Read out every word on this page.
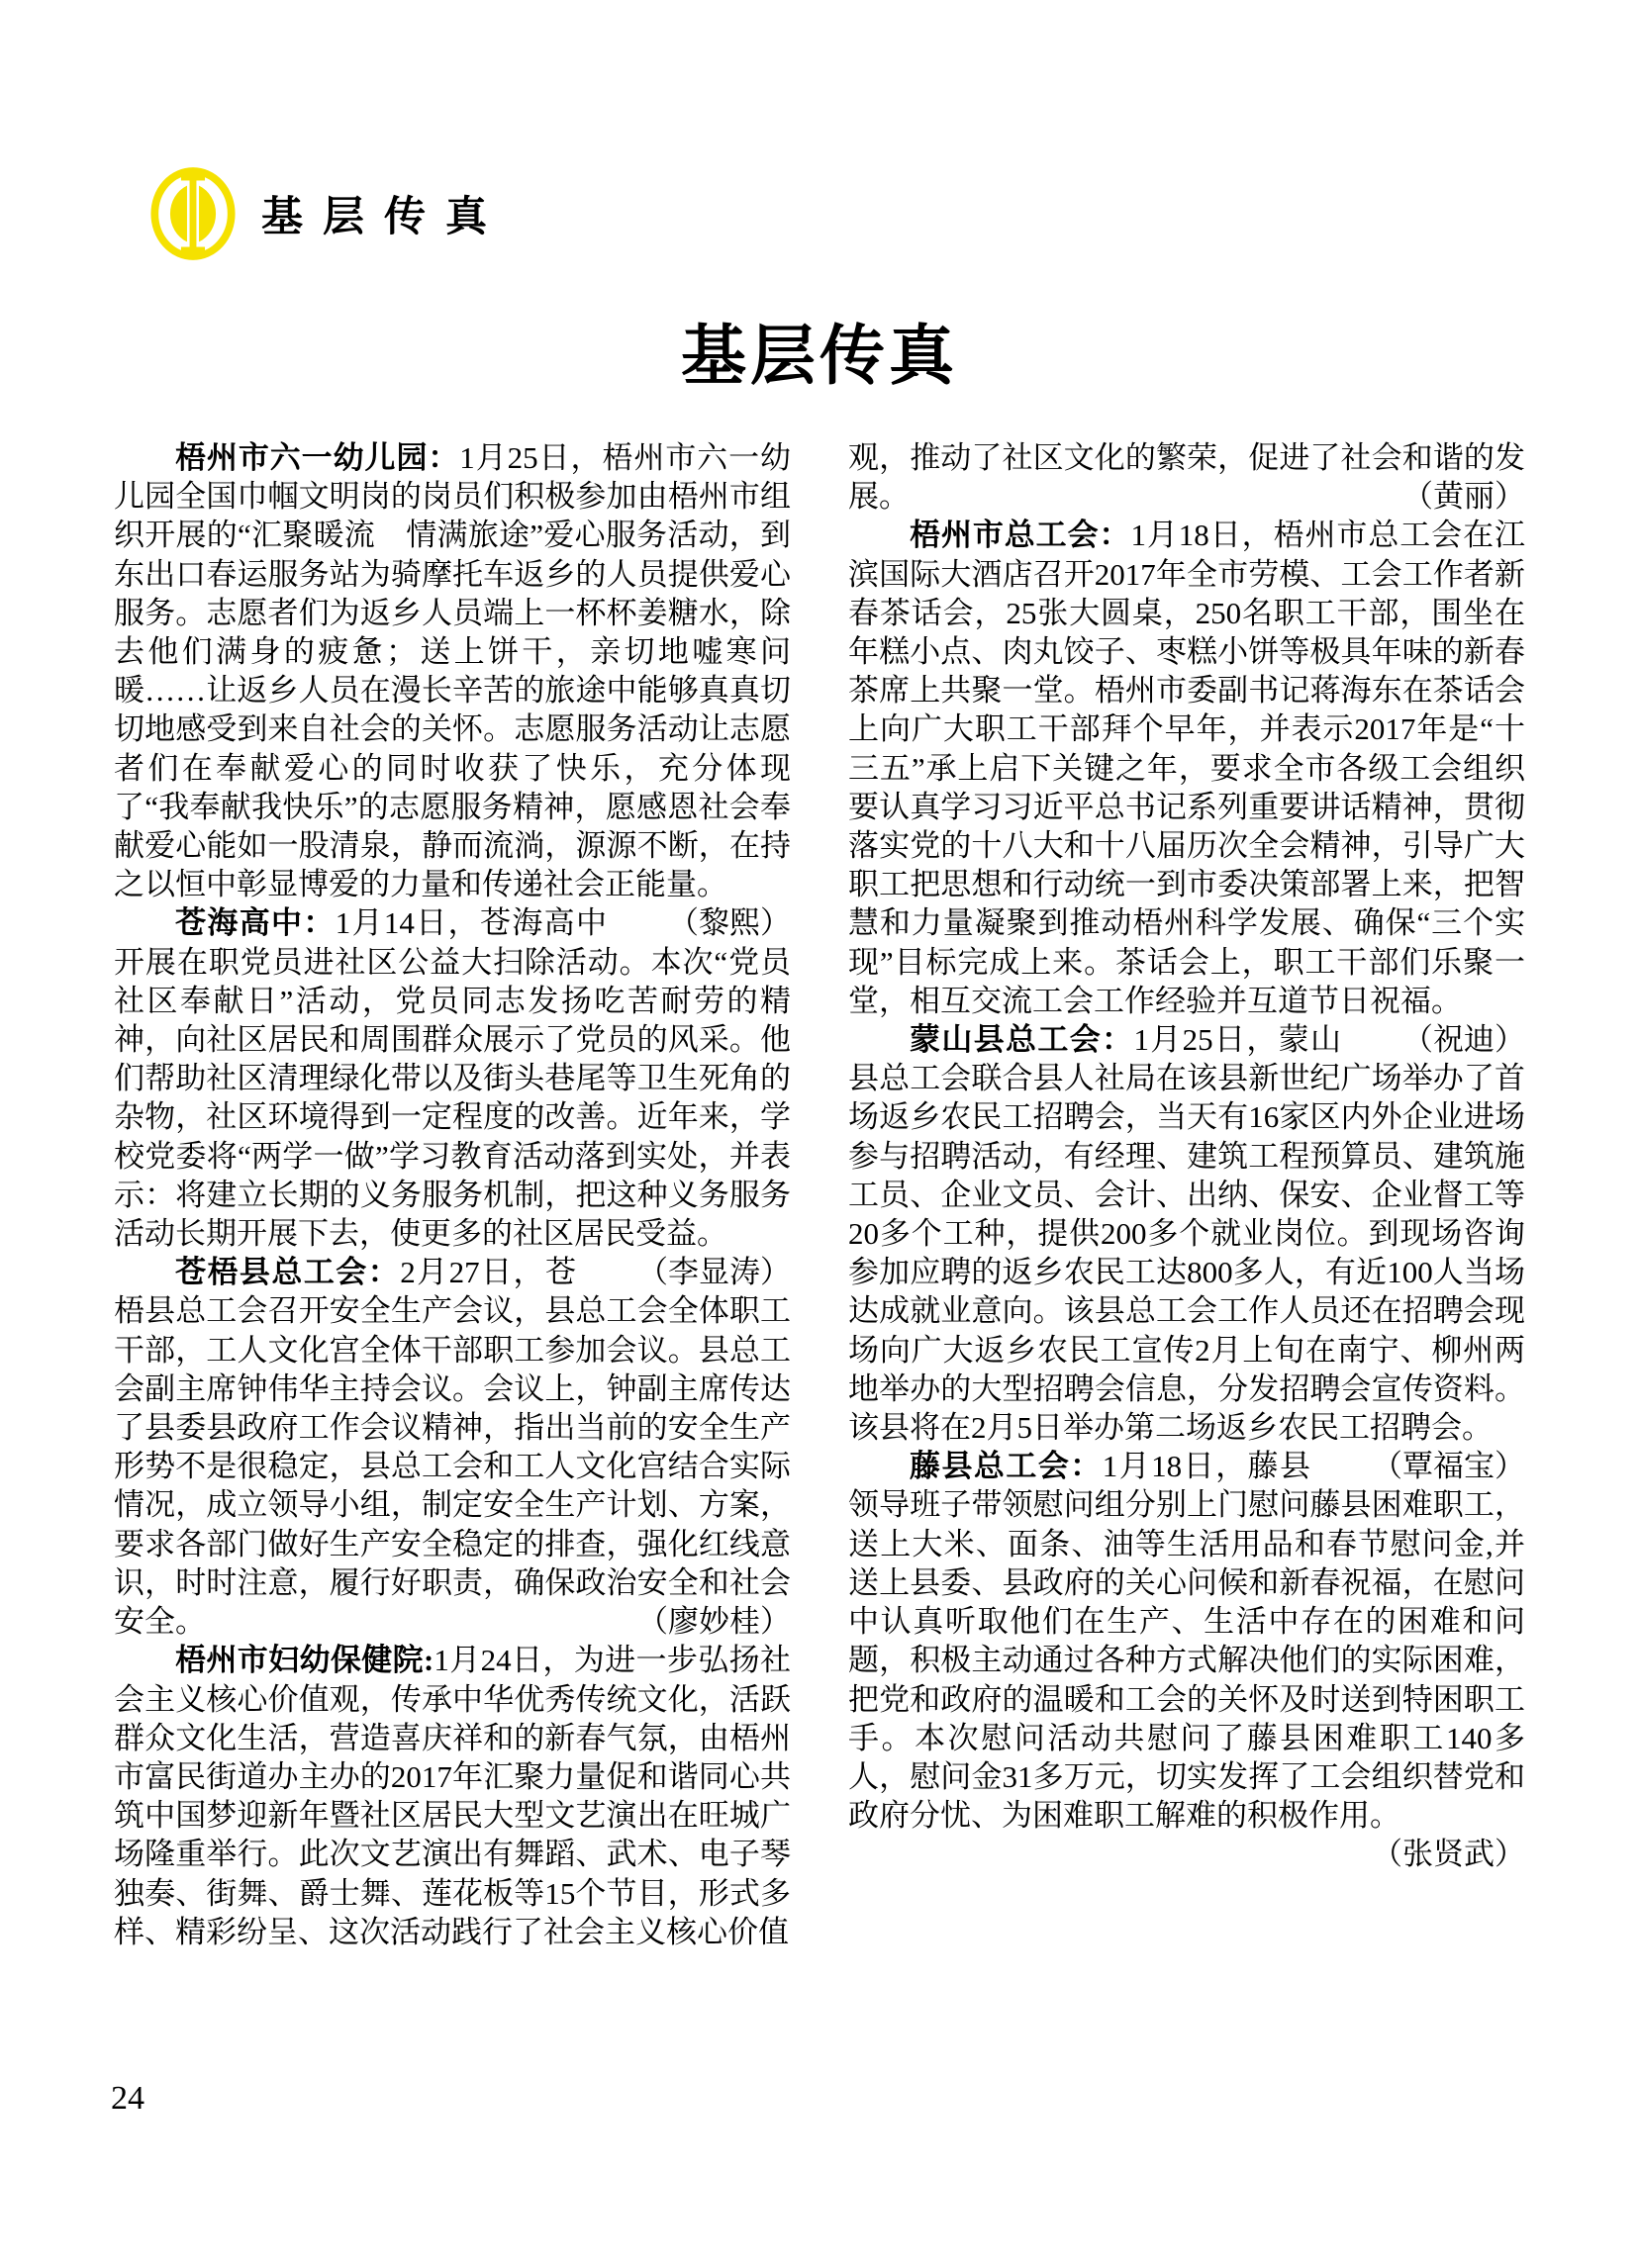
基层传真
基层传真

梧州市六一幼儿园：1月25日，梧州市六一幼儿园全国巾帼文明岗的岗员们积极参加由梧州市组织开展的“汇聚暖流　情满旅途”爱心服务活动，到东出口春运服务站为骑摩托车返乡的人员提供爱心服务。志愿者们为返乡人员端上一杯杯姜糖水，除去他们满身的疲惫；送上饼干，亲切地嘘寒问暖……让返乡人员在漫长辛苦的旅途中能够真真切切地感受到来自社会的关怀。志愿服务活动让志愿者们在奉献爱心的同时收获了快乐，充分体现了“我奉献我快乐”的志愿服务精神，愿感恩社会奉献爱心能如一股清泉，静而流淌，源源不断，在持之以恒中彰显博爱的力量和传递社会正能量。
（黎熙）

苍海高中：1月14日，苍海高中开展在职党员进社区公益大扫除活动。本次“党员社区奉献日”活动，党员同志发扬吃苦耐劳的精神，向社区居民和周围群众展示了党员的风采。他们帮助社区清理绿化带以及街头巷尾等卫生死角的杂物，社区环境得到一定程度的改善。近年来，学校党委将“两学一做”学习教育活动落到实处，并表示：将建立长期的义务服务机制，把这种义务服务活动长期开展下去，使更多的社区居民受益。
（李显涛）

苍梧县总工会：2月27日，苍梧县总工会召开安全生产会议，县总工会全体职工干部，工人文化宫全体干部职工参加会议。县总工会副主席钟伟华主持会议。会议上，钟副主席传达了县委县政府工作会议精神，指出当前的安全生产形势不是很稳定，县总工会和工人文化宫结合实际情况，成立领导小组，制定安全生产计划、方案，要求各部门做好生产安全稳定的排查，强化红线意识，时时注意，履行好职责，确保政治安全和社会安全。	（廖妙桂）

梧州市妇幼保健院:1月24日，为进一步弘扬社会主义核心价值观，传承中华优秀传统文化，活跃群众文化生活，营造喜庆祥和的新春气氛，由梧州市富民街道办主办的2017年汇聚力量促和谐同心共筑中国梦迎新年暨社区居民大型文艺演出在旺城广场隆重举行。此次文艺演出有舞蹈、武术、电子琴独奏、街舞、爵士舞、莲花板等15个节目，形式多样、精彩纷呈、这次活动践行了社会主义核心价值

观，推动了社区文化的繁荣，促进了社会和谐的发展。	（黄丽）

梧州市总工会：1月18日，梧州市总工会在江滨国际大酒店召开2017年全市劳模、工会工作者新春茶话会，25张大圆桌，250名职工干部，围坐在年糕小点、肉丸饺子、枣糕小饼等极具年味的新春茶席上共聚一堂。梧州市委副书记蒋海东在茶话会上向广大职工干部拜个早年，并表示2017年是“十三五”承上启下关键之年，要求全市各级工会组织要认真学习习近平总书记系列重要讲话精神，贯彻落实党的十八大和十八届历次全会精神，引导广大职工把思想和行动统一到市委决策部署上来，把智慧和力量凝聚到推动梧州科学发展、确保“三个实现”目标完成上来。茶话会上，职工干部们乐聚一堂，相互交流工会工作经验并互道节日祝福。
（祝迪）

蒙山县总工会：1月25日，蒙山县总工会联合县人社局在该县新世纪广场举办了首场返乡农民工招聘会，当天有16家区内外企业进场参与招聘活动，有经理、建筑工程预算员、建筑施工员、企业文员、会计、出纳、保安、企业督工等20多个工种，提供200多个就业岗位。到现场咨询参加应聘的返乡农民工达800多人，有近100人当场达成就业意向。该县总工会工作人员还在招聘会现场向广大返乡农民工宣传2月上旬在南宁、柳州两地举办的大型招聘会信息，分发招聘会宣传资料。该县将在2月5日举办第二场返乡农民工招聘会。
（覃福宝）

藤县总工会：1月18日，藤县领导班子带领慰问组分别上门慰问藤县困难职工，送上大米、面条、油等生活用品和春节慰问金,并送上县委、县政府的关心问候和新春祝福，在慰问中认真听取他们在生产、生活中存在的困难和问题，积极主动通过各种方式解决他们的实际困难，把党和政府的温暖和工会的关怀及时送到特困职工手。本次慰问活动共慰问了藤县困难职工140多人，慰问金31多万元，切实发挥了工会组织替党和政府分忧、为困难职工解难的积极作用。
（张贤武）

24
